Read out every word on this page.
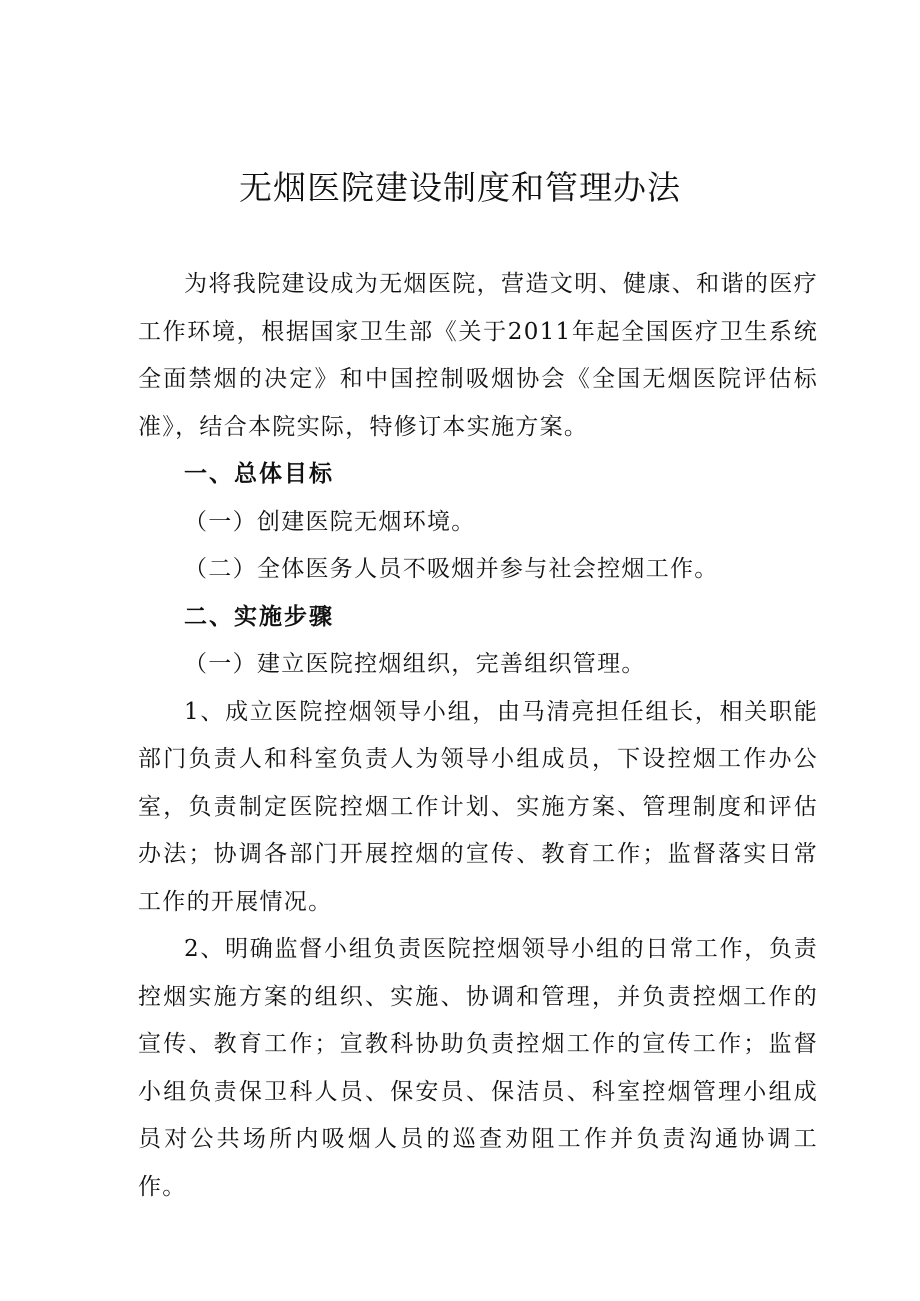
无烟医院建设制度和管理办法

为将我院建设成为无烟医院，营造文明、健康、和谐的医疗工作环境，根据国家卫生部《关于2011年起全国医疗卫生系统全面禁烟的决定》和中国控制吸烟协会《全国无烟医院评估标准》，结合本院实际，特修订本实施方案。

一、总体目标

（一）创建医院无烟环境。

（二）全体医务人员不吸烟并参与社会控烟工作。

二、实施步骤

（一）建立医院控烟组织，完善组织管理。

1、成立医院控烟领导小组，由马清亮担任组长，相关职能部门负责人和科室负责人为领导小组成员，下设控烟工作办公室，负责制定医院控烟工作计划、实施方案、管理制度和评估办法；协调各部门开展控烟的宣传、教育工作；监督落实日常工作的开展情况。

2、明确监督小组负责医院控烟领导小组的日常工作，负责控烟实施方案的组织、实施、协调和管理，并负责控烟工作的宣传、教育工作；宣教科协助负责控烟工作的宣传工作；监督小组负责保卫科人员、保安员、保洁员、科室控烟管理小组成员对公共场所内吸烟人员的巡查劝阻工作并负责沟通协调工作。
